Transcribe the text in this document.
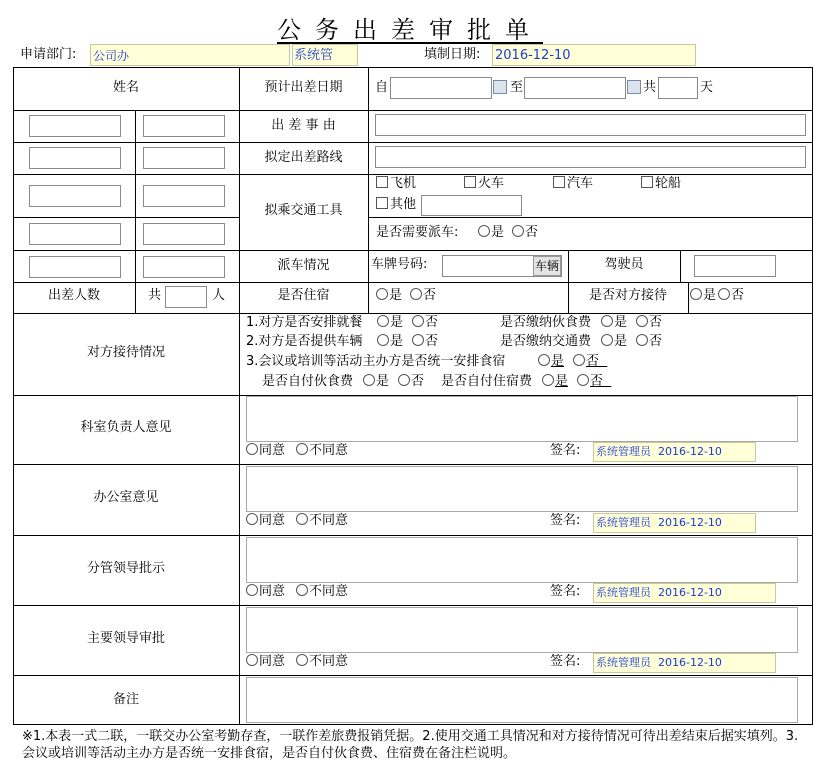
公务出差审批单
申请部门: 公司办	系统管	填制日期: 2016-12-10
姓名	预计出差日期	自	至	共	天
出 差 事 由
拟定出差路线
拟乘交通工具
飞机	火车	汽车	轮船
其他
是否需要派车:	是	否
派车情况	车牌号码:	车辆	驾驶员
出差人数	共	人	是否住宿	是	否	是否对方接待	是	否
对方接待情况
1.对方是否安排就餐	是	否	是否缴纳伙食费	是	否
2.对方是否提供车辆	是	否	是否缴纳交通费	是	否
3.会议或培训等活动主办方是否统一安排食宿	是	否
是否自付伙食费	是	否 是否自付住宿费	是	否
科室负责人意见
同意	不同意	签名: 系统管理员 2016-12-10
办公室意见
同意	不同意	签名: 系统管理员 2016-12-10
分管领导批示
同意	不同意	签名: 系统管理员 2016-12-10
主要领导审批
同意	不同意	签名: 系统管理员 2016-12-10
备注
※1.本表一式二联，一联交办公室考勤存查，一联作差旅费报销凭据。2.使用交通工具情况和对方接待情况可待出差结束后据实填列。3.会议或培训等活动主办方是否统一安排食宿，是否自付伙食费、住宿费在备注栏说明。
